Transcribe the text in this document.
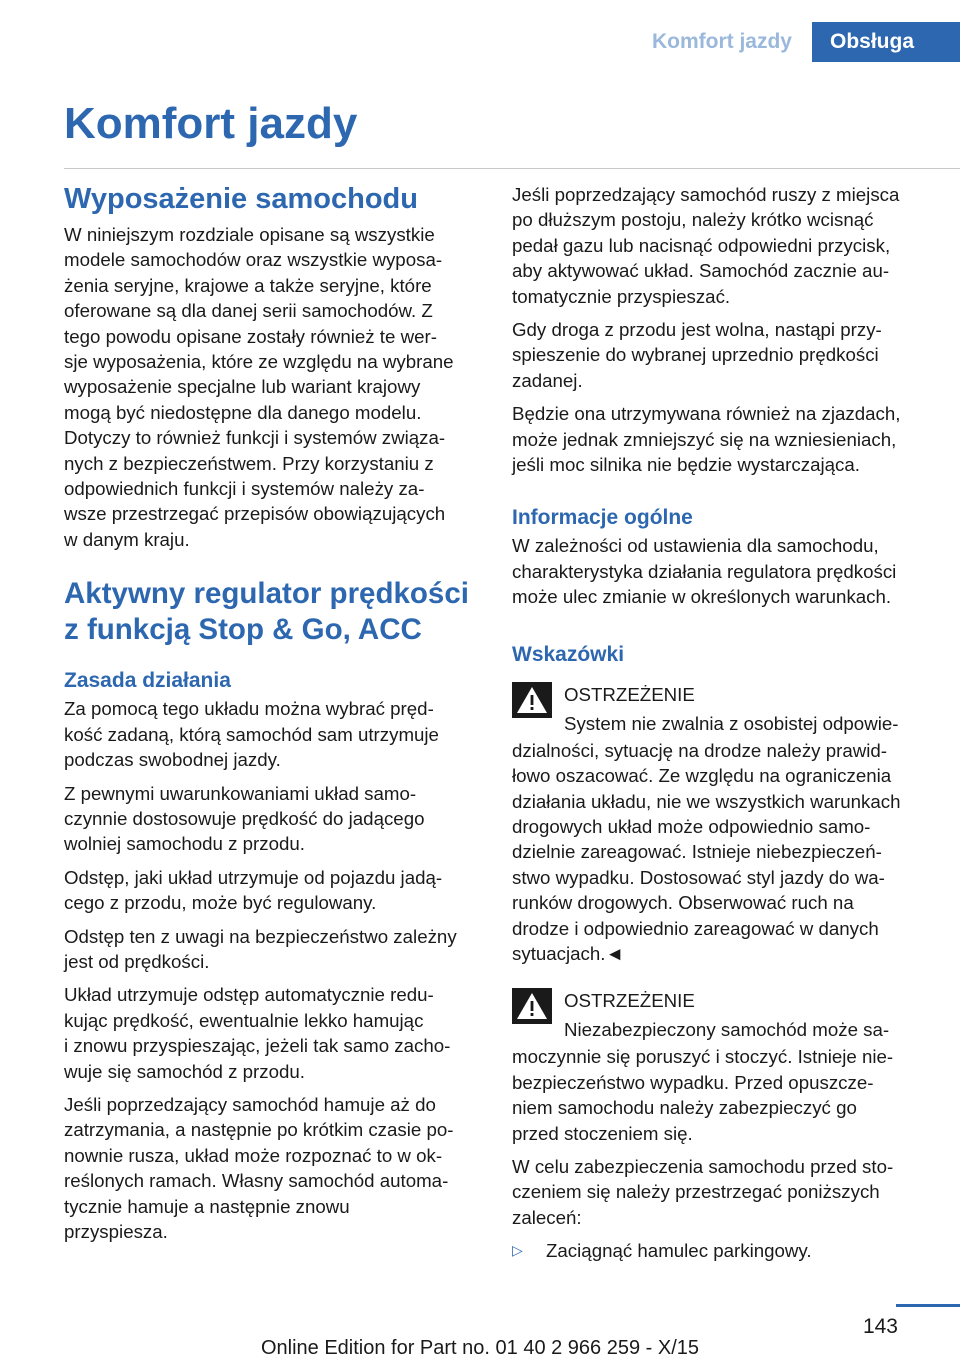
Komfort jazdy	Obsługa
Komfort jazdy
Wyposażenie samochodu

W niniejszym rozdziale opisane są wszystkie
modele samochodów oraz wszystkie wyposa‐
żenia seryjne, krajowe a także seryjne, które
oferowane są dla danej serii samochodów. Z
tego powodu opisane zostały również te wer‐
sje wyposażenia, które ze względu na wybrane
wyposażenie specjalne lub wariant krajowy
mogą być niedostępne dla danego modelu.
Dotyczy to również funkcji i systemów związa‐
nych z bezpieczeństwem. Przy korzystaniu z
odpowiednich funkcji i systemów należy za‐
wsze przestrzegać przepisów obowiązujących
w danym kraju.

Aktywny regulator prędkości
z funkcją Stop & Go, ACC
Zasada działania

Za pomocą tego układu można wybrać pręd‐
kość zadaną, którą samochód sam utrzymuje
podczas swobodnej jazdy.

Z pewnymi uwarunkowaniami układ samo‐
czynnie dostosowuje prędkość do jadącego
wolniej samochodu z przodu.

Odstęp, jaki układ utrzymuje od pojazdu jadą‐
cego z przodu, może być regulowany.

Odstęp ten z uwagi na bezpieczeństwo zależny
jest od prędkości.

Układ utrzymuje odstęp automatycznie redu‐
kując prędkość, ewentualnie lekko hamując
i znowu przyspieszając, jeżeli tak samo zacho‐
wuje się samochód z przodu.

Jeśli poprzedzający samochód hamuje aż do
zatrzymania, a następnie po krótkim czasie po‐
nownie rusza, układ może rozpoznać to w ok‐
reślonych ramach. Własny samochód automa‐
tycznie hamuje a następnie znowu
przyspiesza.

Jeśli poprzedzający samochód ruszy z miejsca
po dłuższym postoju, należy krótko wcisnąć
pedał gazu lub nacisnąć odpowiedni przycisk,
aby aktywować układ. Samochód zacznie au‐
tomatycznie przyspieszać.

Gdy droga z przodu jest wolna, nastąpi przy‐
spieszenie do wybranej uprzednio prędkości
zadanej.

Będzie ona utrzymywana również na zjazdach,
może jednak zmniejszyć się na wzniesieniach,
jeśli moc silnika nie będzie wystarczająca.

Informacje ogólne

W zależności od ustawienia dla samochodu,
charakterystyka działania regulatora prędkości
może ulec zmianie w określonych warunkach.

Wskazówki
OSTRZEŻENIE
System nie zwalnia z osobistej odpowie‐
dzialności, sytuację na drodze należy prawid‐
łowo oszacować. Ze względu na ograniczenia
działania układu, nie we wszystkich warunkach
drogowych układ może odpowiednio samo‐
dzielnie zareagować. Istnieje niebezpieczeń‐
stwo wypadku. Dostosować styl jazdy do wa‐
runków drogowych. Obserwować ruch na
drodze i odpowiednio zareagować w danych
sytuacjach.◄
OSTRZEŻENIE
Niezabezpieczony samochód może sa‐
moczynnie się poruszyć i stoczyć. Istnieje nie‐
bezpieczeństwo wypadku. Przed opuszcze‐
niem samochodu należy zabezpieczyć go
przed stoczeniem się.

W celu zabezpieczenia samochodu przed sto‐
czeniem się należy przestrzegać poniższych
zaleceń:

▷	Zaciągnąć hamulec parkingowy.
143
Online Edition for Part no. 01 40 2 966 259 - X/15
